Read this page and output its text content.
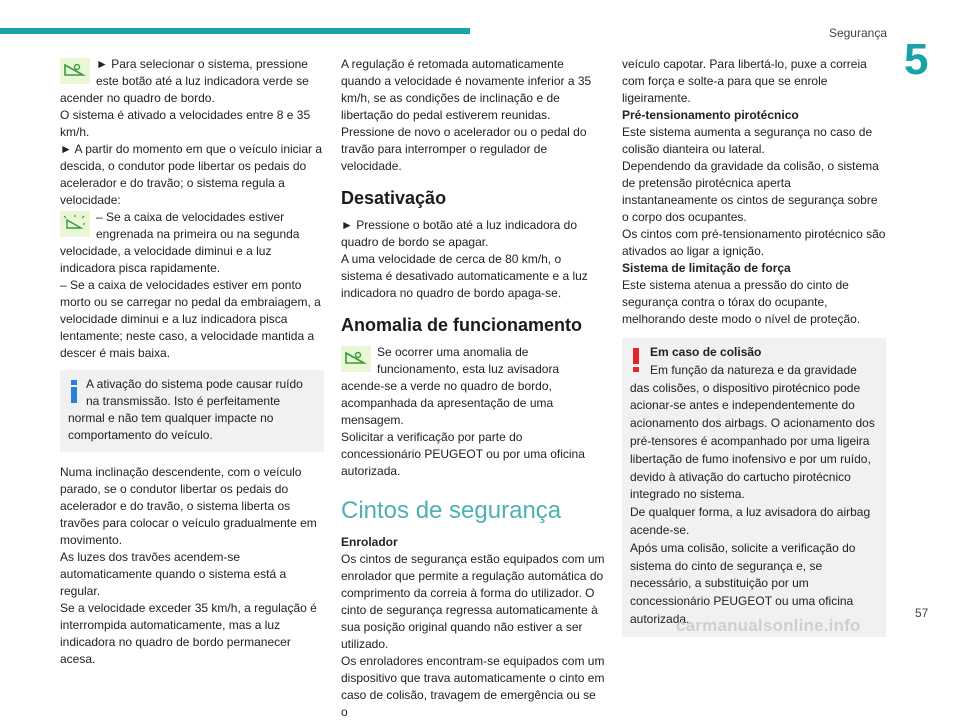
Segurança
5

► Para selecionar o sistema, pressione este botão até a luz indicadora verde se acender no quadro de bordo.

O sistema é ativado a velocidades entre 8 e 35 km/h.

► A partir do momento em que o veículo iniciar a descida, o condutor pode libertar os pedais do acelerador e do travão; o sistema regula a velocidade:

– Se a caixa de velocidades estiver engrenada na primeira ou na segunda velocidade, a velocidade diminui e a luz indicadora pisca rapidamente.

– Se a caixa de velocidades estiver em ponto morto ou se carregar no pedal da embraiagem, a velocidade diminui e a luz indicadora pisca lentamente; neste caso, a velocidade mantida a descer é mais baixa.

A ativação do sistema pode causar ruído na transmissão. Isto é perfeitamente normal e não tem qualquer impacte no comportamento do veículo.

Numa inclinação descendente, com o veículo parado, se o condutor libertar os pedais do acelerador e do travão, o sistema liberta os travões para colocar o veículo gradualmente em movimento.

As luzes dos travões acendem-se automaticamente quando o sistema está a regular.

Se a velocidade exceder 35 km/h, a regulação é interrompida automaticamente, mas a luz indicadora no quadro de bordo permanecer acesa.

A regulação é retomada automaticamente quando a velocidade é novamente inferior a 35 km/h, se as condições de inclinação e de libertação do pedal estiverem reunidas.

Pressione de novo o acelerador ou o pedal do travão para interromper o regulador de velocidade.

Desativação

► Pressione o botão até a luz indicadora do quadro de bordo se apagar.

A uma velocidade de cerca de 80 km/h, o sistema é desativado automaticamente e a luz indicadora no quadro de bordo apaga-se.

Anomalia de funcionamento

Se ocorrer uma anomalia de funcionamento, esta luz avisadora acende-se a verde no quadro de bordo, acompanhada da apresentação de uma mensagem.

Solicitar a verificação por parte do concessionário PEUGEOT ou por uma oficina autorizada.

Cintos de segurança

Enrolador

Os cintos de segurança estão equipados com um enrolador que permite a regulação automática do comprimento da correia à forma do utilizador. O cinto de segurança regressa automaticamente à sua posição original quando não estiver a ser utilizado.

Os enroladores encontram-se equipados com um dispositivo que trava automaticamente o cinto em caso de colisão, travagem de emergência ou se o

veículo capotar. Para libertá-lo, puxe a correia com força e solte-a para que se enrole ligeiramente.

Pré-tensionamento pirotécnico

Este sistema aumenta a segurança no caso de colisão dianteira ou lateral.

Dependendo da gravidade da colisão, o sistema de pretensão pirotécnica aperta instantaneamente os cintos de segurança sobre o corpo dos ocupantes.

Os cintos com pré-tensionamento pirotécnico são ativados ao ligar a ignição.

Sistema de limitação de força

Este sistema atenua a pressão do cinto de segurança contra o tórax do ocupante, melhorando deste modo o nível de proteção.

Em caso de colisão

Em função da natureza e da gravidade das colisões, o dispositivo pirotécnico pode acionar-se antes e independentemente do acionamento dos airbags. O acionamento dos pré-tensores é acompanhado por uma ligeira libertação de fumo inofensivo e por um ruído, devido à ativação do cartucho pirotécnico integrado no sistema.

De qualquer forma, a luz avisadora do airbag acende-se.

Após uma colisão, solicite a verificação do sistema do cinto de segurança e, se necessário, a substituição por um concessionário PEUGEOT ou uma oficina autorizada.	57
carmanualsonline.info
